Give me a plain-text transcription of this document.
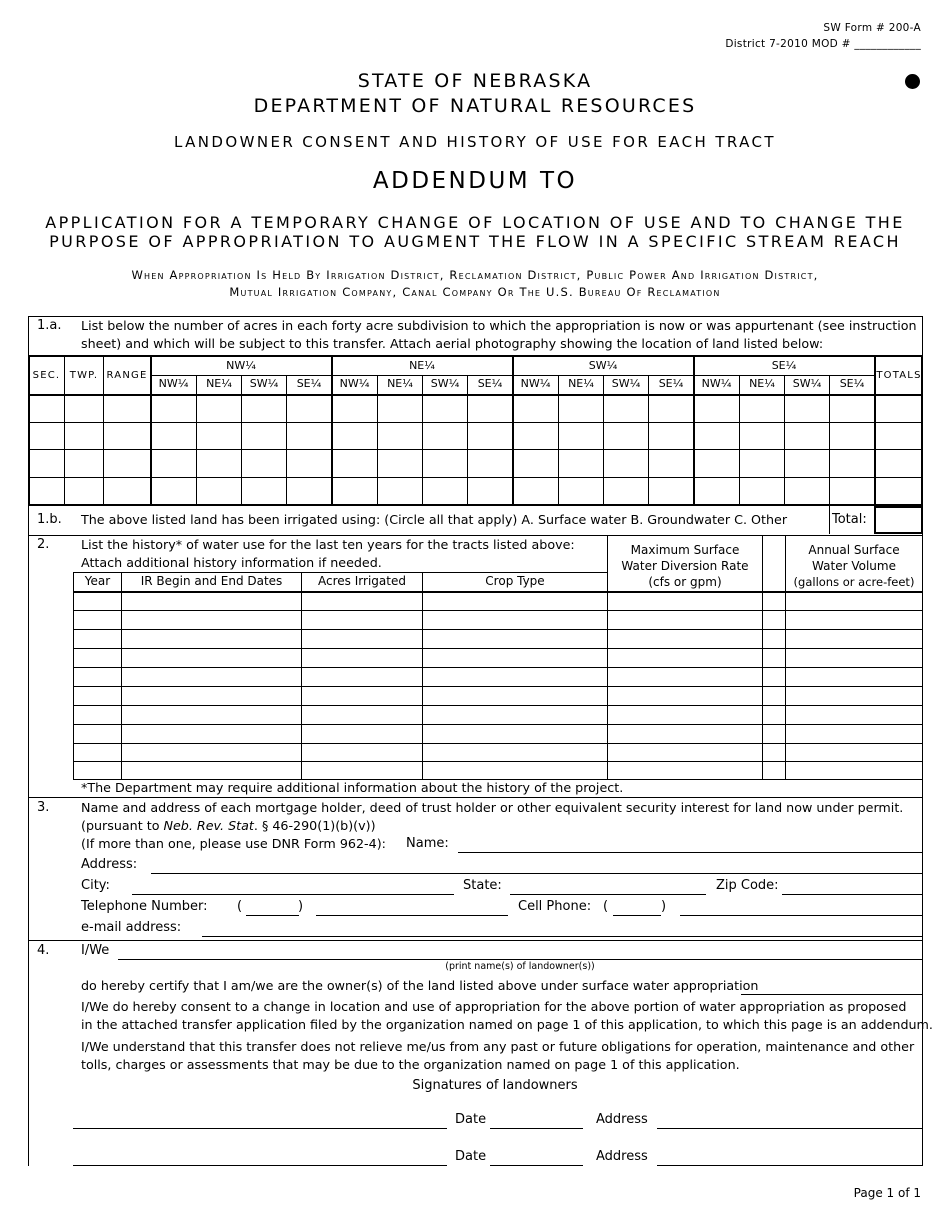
SW Form # 200-A
District 7-2010 MOD # ____________
STATE OF NEBRASKA
DEPARTMENT OF NATURAL RESOURCES
LANDOWNER CONSENT AND HISTORY OF USE FOR EACH TRACT
ADDENDUM TO
APPLICATION FOR A TEMPORARY CHANGE OF LOCATION OF USE AND TO CHANGE THE
PURPOSE OF APPROPRIATION TO AUGMENT THE FLOW IN A SPECIFIC STREAM REACH
When Appropriation Is Held By Irrigation District, Reclamation District, Public Power And Irrigation District,
Mutual Irrigation Company, Canal Company Or The U.S. Bureau Of Reclamation
1.a. List below the number of acres in each forty acre subdivision to which the appropriation is now or was appurtenant (see instruction
sheet) and which will be subject to this transfer. Attach aerial photography showing the location of land listed below:
SEC. TWP. RANGE	TOTALS
NW¼	NE¼	SW¼	SE¼
NW¼	NE¼	SW¼	SE¼	NW¼	NE¼	SW¼	SE¼	NW¼	NE¼	SW¼	SE¼	NW¼	NE¼	SW¼	SE¼
1.b. The above listed land has been irrigated using: (Circle all that apply) A. Surface water B. Groundwater C. Other	Total:
2. List the history* of water use for the last ten years for the tracts listed above:
Attach additional history information if needed.
Year	IR Begin and End Dates	Acres Irrigated	Crop Type
Maximum Surface
Water Diversion Rate
(cfs or gpm)
Annual Surface
Water Volume
(gallons or acre-feet)
*The Department may require additional information about the history of the project.
3. Name and address of each mortgage holder, deed of trust holder or other equivalent security interest for land now under permit.
(pursuant to Neb. Rev. Stat. § 46-290(1)(b)(v))
(If more than one, please use DNR Form 962-4): Name:
Address:
City:	State:	Zip Code:
Telephone Number: (	)	Cell Phone: (	)
e-mail address:
4. I/We
(print name(s) of landowner(s))
do hereby certify that I am/we are the owner(s) of the land listed above under surface water appropriation
I/We do hereby consent to a change in location and use of appropriation for the above portion of water appropriation as proposed
in the attached transfer application filed by the organization named on page 1 of this application, to which this page is an addendum.
I/We understand that this transfer does not relieve me/us from any past or future obligations for operation, maintenance and other
tolls, charges or assessments that may be due to the organization named on page 1 of this application.
Signatures of landowners
Date	Address
Date	Address
Page 1 of 1
